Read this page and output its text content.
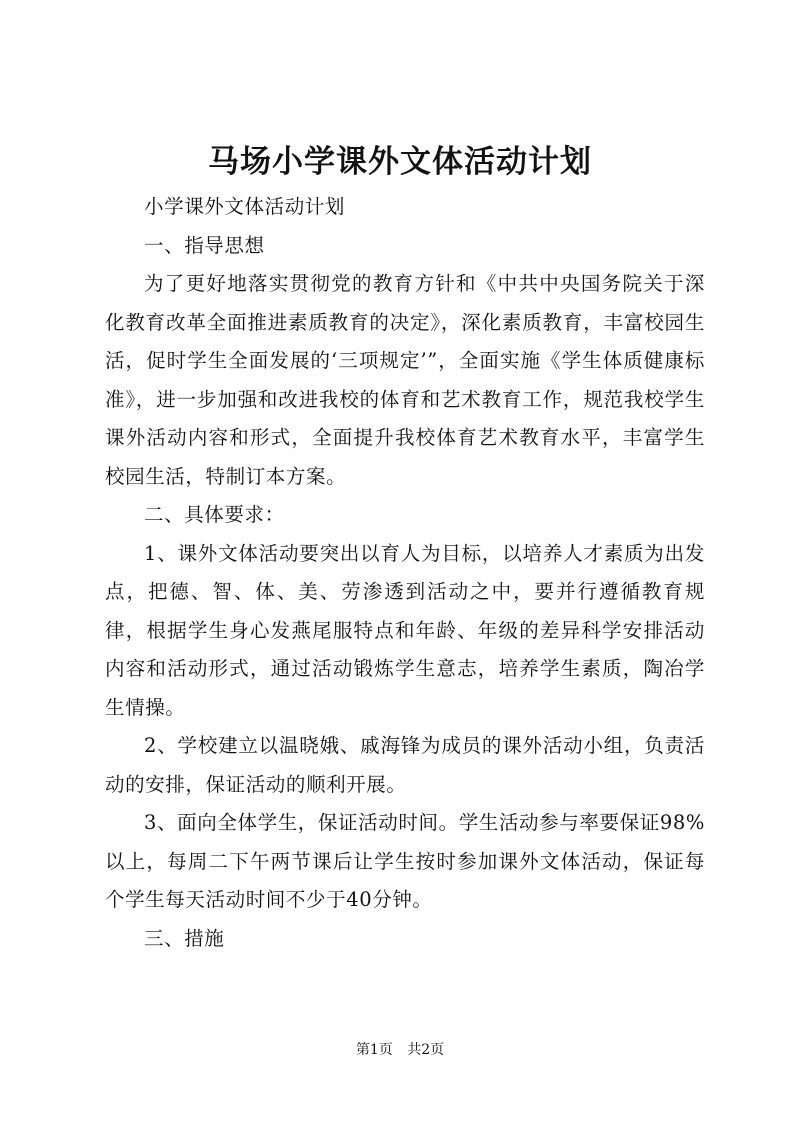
马场小学课外文体活动计划

小学课外文体活动计划

一、指导思想

为了更好地落实贯彻党的教育方针和《中共中央国务院关于深化教育改革全面推进素质教育的决定》，深化素质教育，丰富校园生活，促时学生全面发展的‘三项规定’”，全面实施《学生体质健康标准》，进一步加强和改进我校的体育和艺术教育工作，规范我校学生课外活动内容和形式，全面提升我校体育艺术教育水平，丰富学生校园生活，特制订本方案。

二、具体要求：

1、课外文体活动要突出以育人为目标，以培养人才素质为出发点，把德、智、体、美、劳渗透到活动之中，要并行遵循教育规律，根据学生身心发燕尾服特点和年龄、年级的差异科学安排活动内容和活动形式，通过活动锻炼学生意志，培养学生素质，陶冶学生情操。

2、学校建立以温晓娥、戚海锋为成员的课外活动小组，负责活动的安排，保证活动的顺利开展。

3、面向全体学生，保证活动时间。学生活动参与率要保证98%以上，每周二下午两节课后让学生按时参加课外文体活动，保证每个学生每天活动时间不少于40分钟。

三、措施

第1页 共2页
